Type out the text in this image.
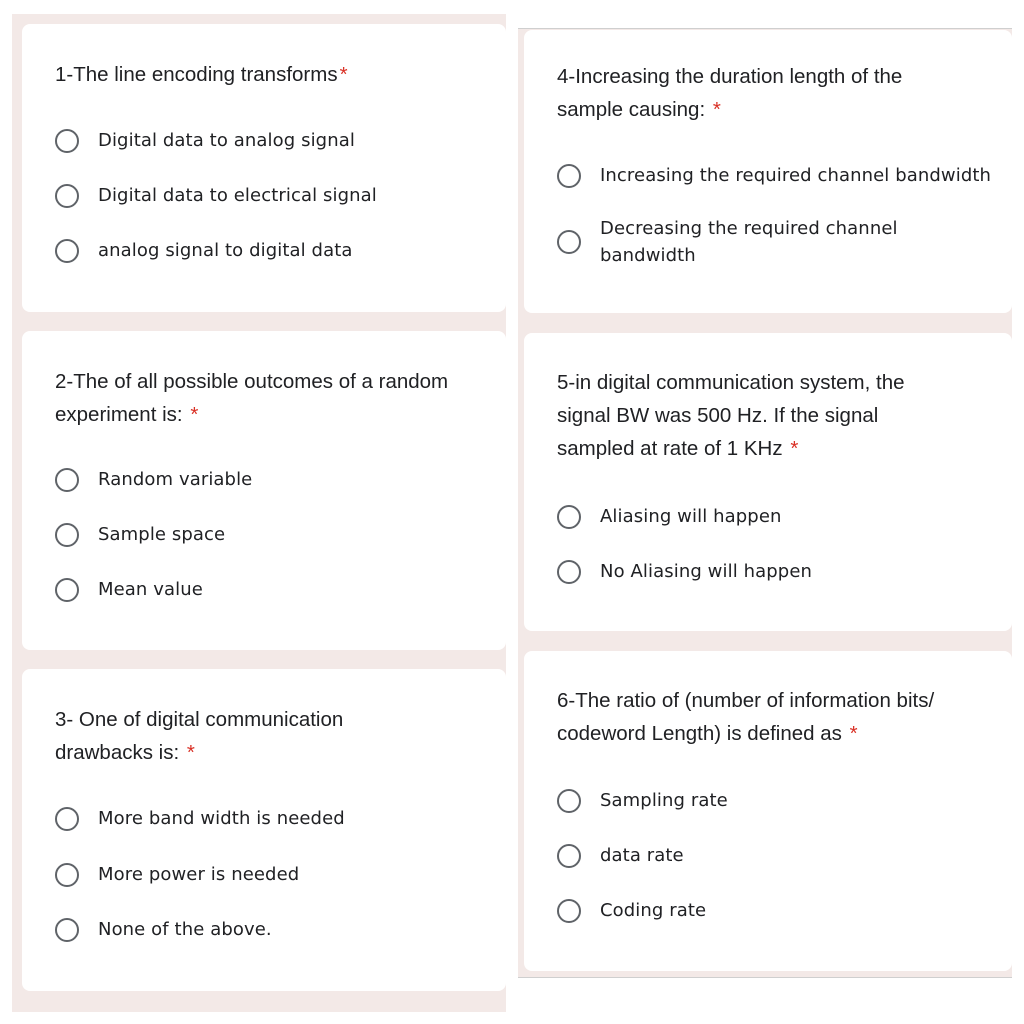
1-The line encoding transforms*
Digital data to analog signal
Digital data to electrical signal
analog signal to digital data
2-The of all possible outcomes of a random
experiment is: *
Random variable
Sample space
Mean value
3- One of digital communication
drawbacks is: *
More band width is needed
More power is needed
None of the above.
4-Increasing the duration length of the
sample causing: *
Increasing the required channel bandwidth
Decreasing the required channel
bandwidth
5-in digital communication system, the
signal BW was 500 Hz. If the signal
sampled at rate of 1 KHz *
Aliasing will happen
No Aliasing will happen
6-The ratio of (number of information bits/
codeword Length) is defined as *
Sampling rate
data rate
Coding rate
